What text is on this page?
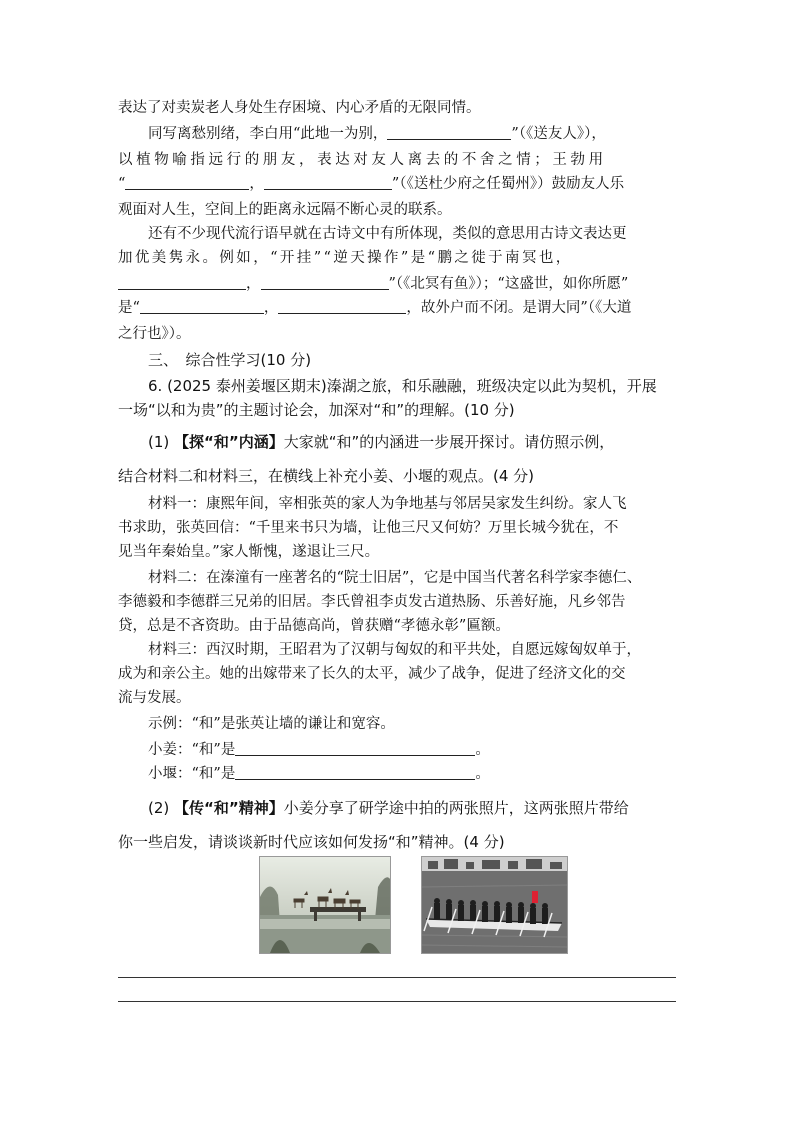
表达了对卖炭老人身处生存困境、内心矛盾的无限同情。
同写离愁别绪，李白用“此地一为别，	”（《送友人》），
以植物喻指远行的朋友，表达对友人离去的不舍之情；王勃用
“	，	”（《送杜少府之任蜀州》）鼓励友人乐
观面对人生，空间上的距离永远隔不断心灵的联系。
还有不少现代流行语早就在古诗文中有所体现，类似的意思用古诗文表达更
加优美隽永。例如，“开挂”“逆天操作”是“鹏之徙于南冥也，
，	”（《北冥有鱼》）；“这盛世，如你所愿”
是“	，	，故外户而不闭。是谓大同”（《大道
之行也》）。
三、　综合性学习(10 分)
6. (2025 泰州姜堰区期末)溱湖之旅，和乐融融，班级决定以此为契机，开展
一场“以和为贵”的主题讨论会，加深对“和”的理解。(10 分)
(1) 【探“和”内涵】大家就“和”的内涵进一步展开探讨。请仿照示例，
结合材料二和材料三，在横线上补充小姜、小堰的观点。(4 分)
材料一：康熙年间，宰相张英的家人为争地基与邻居吴家发生纠纷。家人飞
书求助，张英回信：“千里来书只为墙，让他三尺又何妨？万里长城今犹在，不
见当年秦始皇。”家人惭愧，遂退让三尺。
材料二：在溱潼有一座著名的“院士旧居”，它是中国当代著名科学家李德仁、
李德毅和李德群三兄弟的旧居。李氏曾祖李贞发古道热肠、乐善好施，凡乡邻告
贷，总是不吝资助。由于品德高尚，曾获赠“孝德永彰”匾额。
材料三：西汉时期，王昭君为了汉朝与匈奴的和平共处，自愿远嫁匈奴单于，
成为和亲公主。她的出嫁带来了长久的太平，减少了战争，促进了经济文化的交
流与发展。
示例：“和”是张英让墙的谦让和宽容。
小姜：“和”是	。
小堰：“和”是	。
(2) 【传“和”精神】小姜分享了研学途中拍的两张照片，这两张照片带给
你一些启发，请谈谈新时代应该如何发扬“和”精神。(4 分)
